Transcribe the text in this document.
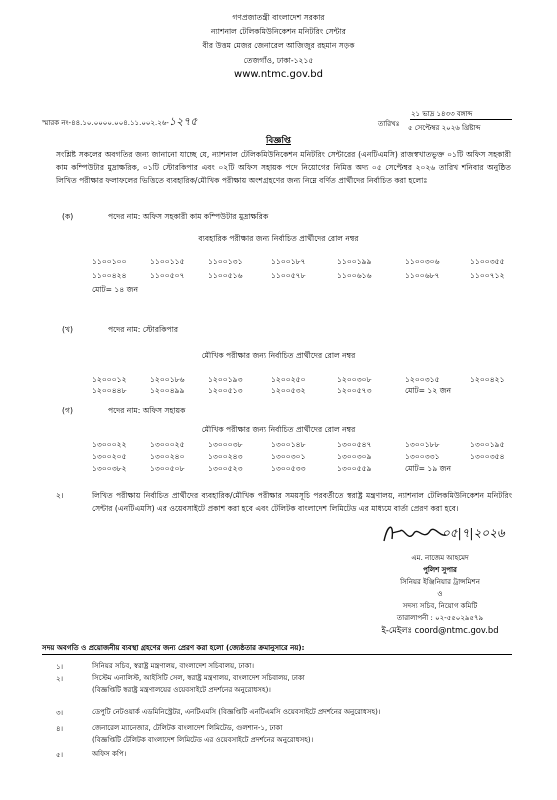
গণপ্রজাতন্ত্রী বাংলাদেশ সরকার
ন্যাশনাল টেলিকমিউনিকেশন মনিটরিং সেন্টার
বীর উত্তম মেজর জেনারেল আজিজুর রহমান সড়ক
তেজগাঁও, ঢাকা-১২১৫
www.ntmc.gov.bd
স্মারক নং-৪৪.১০.০০০০.০০৪.১১.০০২.২৬-১২৭৫	তারিখঃ
২১ ভাদ্র ১৪৩৩ বঙ্গাব্দ
৫ সেপ্টেম্বর ২০২৬ খ্রিষ্টাব্দ
বিজ্ঞপ্তি
সংশ্লিষ্ট সকলের অবগতির জন্য জানানো যাচ্ছে যে, ন্যাশনাল টেলিকমিউনিকেশন মনিটরিং সেন্টারের (এনটিএমসি) রাজস্বখাতভুক্ত ০১টি অফিস সহকারী কাম কম্পিউটার মুদ্রাক্ষরিক, ০১টি স্টোরকিপার এবং ০২টি অফিস সহায়ক পদে নিয়োগের নিমিত্ত অদ্য ০৫ সেপ্টেম্বর ২০২৬ তারিখ শনিবার অনুষ্ঠিত লিখিত পরীক্ষার ফলাফলের ভিত্তিতে ব্যবহারিক/মৌখিক পরীক্ষায় অংশগ্রহণের জন্য নিম্নে বর্ণিত প্রার্থীদের নির্বাচিত করা হলোঃ
(ক)	পদের নাম: অফিস সহকারী কাম কম্পিউটার মুদ্রাক্ষরিক
ব্যবহারিক পরীক্ষার জন্য নির্বাচিত প্রার্থীদের রোল নম্বর
১১০০১০০	১১০০১১৫	১১০০১৩১	১১০০১৮৭	১১০০১৯৯	১১০০৩০৬	১১০০৩৫৫
১১০০৪২৪	১১০০৫০৭	১১০০৫১৬	১১০০৫৭৮	১১০০৬১৬	১১০০৬৮৭	১১০০৭১২
মোট= ১৪ জন
(খ)	পদের নাম: স্টোরকিপার
মৌখিক পরীক্ষার জন্য নির্বাচিত প্রার্থীদের রোল নম্বর
১২০০০১২	১২০০১৮৬	১২০০১৯৩	১২০০২৫০	১২০০৩০৮	১২০০৩১৫	১২০০৪২১
১২০০৪৪৮	১২০০৪৯৯	১২০০৫১৩	১২০০৫৩২	১২০০৫৭৩	মোট= ১২ জন
(গ)	পদের নাম: অফিস সহায়ক
মৌখিক পরীক্ষার জন্য নির্বাচিত প্রার্থীদের রোল নম্বর
১৩০০০২২	১৩০০০২৫	১৩০০০৩৮	১৩০০১৪৮	১৩০০৫৪৭	১৩০০১৮৮	১৩০০১৯৫
১৩০০২০৫	১৩০০২৪০	১৩০০২৪৩	১৩০০৩০১	১৩০০৩০৯	১৩০০৩৩১	১৩০০৩৫৪
১৩০০৩৮২	১৩০০৫০৮	১৩০০৫২৩	১৩০০৫৩৩	১৩০০৫৫৯	মোট= ১৯ জন
২।	লিখিত পরীক্ষায় নির্বাচিত প্রার্থীদের ব্যবহারিক/মৌখিক পরীক্ষার সময়সূচি পরবর্তীতে স্বরাষ্ট্র মন্ত্রণালয়, ন্যাশনাল টেলিকমিউনিকেশন মনিটরিং সেন্টার (এনটিএমসি) এর ওয়েবসাইটে প্রকাশ করা হবে এবং টেলিটক বাংলাদেশ লিমিটেড এর মাধ্যমে বার্তা প্রেরণ করা হবে।
০৫|৭|২০২৬
এম. নাজেম আহমেদ
পুলিশ সুপার
সিনিয়র ইঞ্জিনিয়ার ট্রান্সমিশন
ও
সদস্য সচিব, নিয়োগ কমিটি
তারালাপনী : ০২-৫৫০২৯৫৭৯
ই-মেইলঃ coord@ntmc.gov.bd
সদয় অবগতি ও প্রয়োজনীয় ব্যবস্থা গ্রহণের জন্য প্রেরণ করা হলো (জ্যেষ্ঠতার ক্রমানুসারে নয়):
১।	সিনিয়র সচিব, স্বরাষ্ট্র মন্ত্রণালয়, বাংলাদেশ সচিবালয়, ঢাকা।
২।	সিস্টেম এনালিস্ট, আইসিটি সেল, স্বরাষ্ট্র মন্ত্রণালয়, বাংলাদেশ সচিবালয়, ঢাকা
(বিজ্ঞপ্তিটি স্বরাষ্ট্র মন্ত্রণালয়ের ওয়েবসাইটে প্রদর্শনের অনুরোধসহ)।
৩।	ডেপুটি নেটওয়ার্ক এডমিনিস্ট্রেটর, এনটিএমসি (বিজ্ঞপ্তিটি এনটিএমসি ওয়েবসাইটে প্রদর্শনের অনুরোধসহ)।
৪।	জেনারেল ম্যানেজার, টেলিটক বাংলাদেশ লিমিটেড, গুলশান-১, ঢাকা
(বিজ্ঞপ্তিটি টেলিটক বাংলাদেশ লিমিটেড এর ওয়েবসাইটে প্রদর্শনের অনুরোধসহ)।
৫।	অফিস কপি।
